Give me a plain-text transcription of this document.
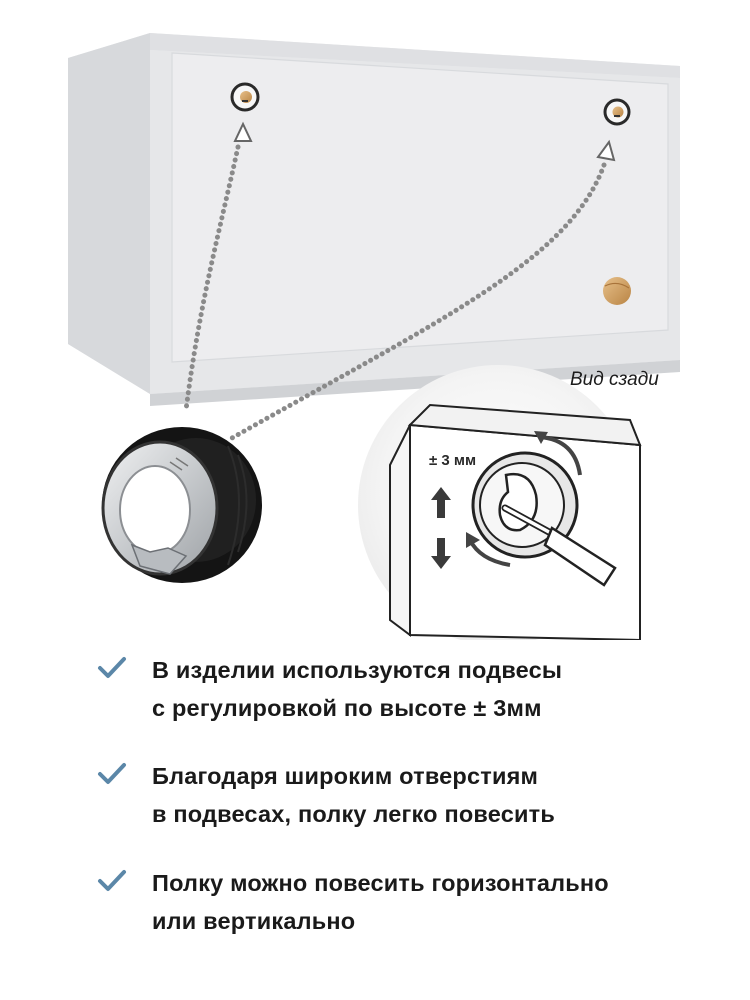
Вид сзади
± 3 мм
В изделии используются подвесы
с регулировкой по высоте ± 3мм
Благодаря широким отверстиям
в подвесах, полку легко повесить
Полку можно повесить горизонтально
или вертикально
